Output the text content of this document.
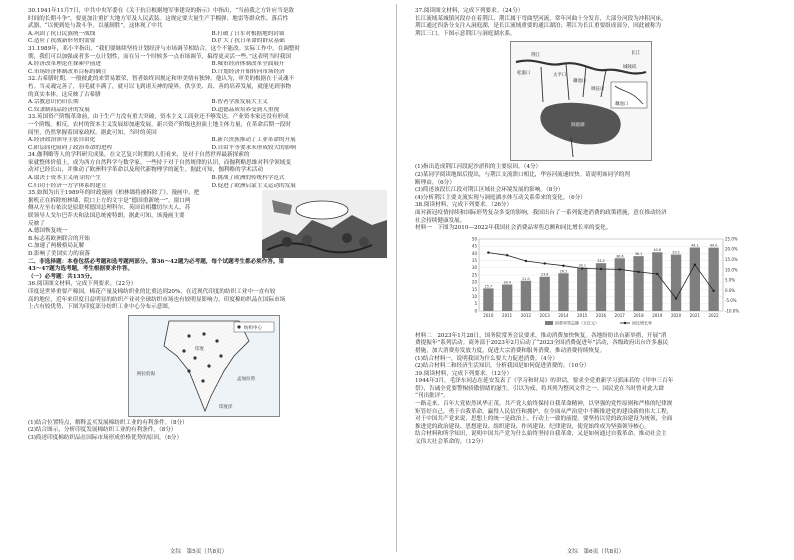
30.1941年11月7日，中共中央军委在《关于抗日根据地军事建设的指示》中指出，“当前我之方针应当是敌

时间的长期斗争”，要更加注重扩大地方军及人民武装。这规定要大量生产手榴弹、地雷等群众性、落后性

武器，“以便到处与敌斗争，以量制胜”。这体现了中共

A.巩固了抗日民族统一战线	B.打破了日军对根据地的封锁
C.适应了抗战新形势的需要	D.扩大了抗日革命的群众基础

31.1989年，邓小平指出，“我们要继续坚持计划经济与市场调节相结合，这个不能改。实际工作中，在调整时

期，我们可以加强或者多一点计划性，而在另一个时候多一点市场调节，搞得更灵活一些。”这表明当时我国

A.经济改革理论在探索中前进	B.城市经济体制改革全面展开
C.市场经济体制改革目标的确立	D.计划经济开始转向市场经济

32.古希腊时期，一般彼此的来贸易繁荣，智者始终因规定和审美情有独钟。他认为，审美的根据在于灵魂不

朽。当灵魂完善了，羽毛就丰满了，就可以飞到诸天神的境界，供享美、真、善的培养发展，就能见到事物

的真实本体。这反映了古希腊

A.宗教意识仍旧长期	B.智者学派发展大主义
C.奴隶制商品经济的发展	D.道德品质培养受到人重视

33.英国资产阶级革命前，由于生产力没有重大突破，资本主义工商业还不够发达，产业资本家还没有形成

一个阶级。相反，农村的资本主义发展却加速发展，新兴资产阶级也扮演土地主体力量，在革命后期一段时

间里，仍然掌握着国家政权。据此可知，当时的英国

A.经济政治领导主张自由化	B.新兴贵族推动了工业革命的开展
C.阶层间化阻碍了政治革命的进程	D.自由平等要求未形成较大的影响

34.伽利略等人的学科研究成果，在文艺复兴时期的人们看来，是对于自然世界最新探索的

家就整体价值上，成为西方自然科学与数学家。一些持于对于自然规律的认识，而伽利略思维对科学领域变

动对已经长山，并推动了欧洲科学革命以及现代新物理学的诞生。据此可知，伽利略的学术活动

A.取决于资本主义萌芽的产生	B.挑战了欧洲的传统科学范式
C.归功于经济一方学体系的建立	D.促进了欧洲启蒙主义运动的发展

35.如图为出于1989年的时政漫画《柏林墙将被拆除了》。漫画中，把

据机正在拆除柏林墙，院口上方的文字是“德国重新统一”。窗口两

侧从左至右依次是原联邦德国总理科尔、英国首相撒切尔夫人、苏

联领导人戈尔巴乔夫和法国总统密特朗。据此可知，该漫画主要

反映了

A.德国恢复统一
B.标志着欧洲联合的开始
C.加速了两极格局瓦解
D.影响了美国实力的衰落

二、非选择题：本卷包括必考题和选考题两部分。第36～42题为必考题，每个试题考生都必须作答。第

43～47题为选考题，考生根据要求作答。

（一）必考题：共135分。

36.阅读图文材料，完成下列要求。（22分）

印度是世界重要产棉国，棉花产量及棉纺织业的比重达到20%，在近现代印度的纺织工业中一直有较

高的地位，近年来印度日益明显的纺织产业对全球纺织市场也有较明显影响力。印度棉纺织品在国际市场

上占有较优势，下图为印度部分纺织工业中心分布示意图。

纺织中心
阿拉伯海
印度
印度洋
孟加拉湾

(1)结合位置特点，解释孟买发展棉纺织工业的有利条件。（8分）

(2)结合图示，分析印度发展棉纺织工业的有利条件。（8分）

(3)简述印度棉纺织品在国际市场形成价格优势的原因。（6分）

文综　第5页（共8页）

37.阅读图文材料，完成下列要求。（24分）

长江流域某城镇河段存在着荆江，荆江属于弯曲型河流，常年河曲十分发育，大部分河段为冲积河床。

荆江通过四条分支注入洞庭湖，是长江流域重要的通江湖泊；荆江为长江重要组成部分，因此被称为

荆江三口。下图示意荆江与洞庭湖水系。

松滋口	太平口
藕池口
调弦口
城陵矶
洞庭湖
荆江	长江
藕池口

(1)指出造成荆江河段泥沙淤积的主要原因。（4分）

(2)某同学阅读地图后提出，与荆江支流溃口相比，华容河流速较快。请说明该同学的判

断理由。（6分）

(3)简述该段长江段对荆江区域社会环境发展的影响。（8分）

(4)分析荆江主要支流实现与洞庭湖水体互动关系带来的变化。（6分）

38.阅读材料，完成下列要求。（26分）

面对新冠疫情持续和国际形势复杂多变的影响，我国出台了一系列促进消费的政策措施，意在推动经济

社会持续健康发展。

材料一　下图为2010—2022年我国社会消费品零售总额和同比增长率的变化。

0
5
10
15
20
25
30
35
40
45
50
-10.0%
-5.0%
0.0%
5.0%
10.0%
15.0%
20.0%
25.0%
15.7
2010
18.4
2011
21.0
2012
23.8
2013
26.2
2014
30.1
2015
33.2
2016
36.6
2017
38.1
2018
40.8
2019
39.2
2020
44.1
2021
44.0
2022
消费零售总额（万亿元）	同比增长率

材料二　2023年1月28日，国务院常务会议要求，推动消费加快恢复。各地纷纷出台新举措，开展“消

费提振年”系列活动。商务部于2023年2月启动了“2023全国消费促进年”活动，各级政府出台许多惠民

措施，加大消费券发放力度，促进大宗消费和服务消费，推动消费持续恢复。

(1)结合材料一，说明我国为什么要大力促进消费。（4分）

(2)结合材料二和经济生活知识，分析我国是如何促进消费的。（10分）

39.阅读材料，完成下列要求。（12分）

1944年3月，毛泽东同志在延安发表了《学习和时局》的讲话，要求全党重新学习郭沫若的《甲申三百年

祭》，告诫全党要警惕骄傲情绪的滋生，引以为戒，将其列为整风文件之一。国民党在当时曾对此大肆

“刊出批评”。

一路走来，百年大党依然风华正茂。共产党人始终保持自我革命精神，以坚强的党性原则和严格的纪律规

矩管好自己，勇于自我革命，赢得人民信任和拥护，在全面从严治党中不断推进党的建设新的伟大工程，

对于中国共产党来说，思想上的统一是政治上、行动上一致的前提。要坚持以党的政治建设为统领，全面

推进党的政治建设、思想建设、组织建设、作风建设、纪律建设，使党始终成为坚强领导核心。

结合材料和所学知识，说明中国共产党为什么始终坚持自我革命，又是如何通过自我革命，推动社会主

义伟大社会革命的。（12分）

文综　第6页（共8页）
